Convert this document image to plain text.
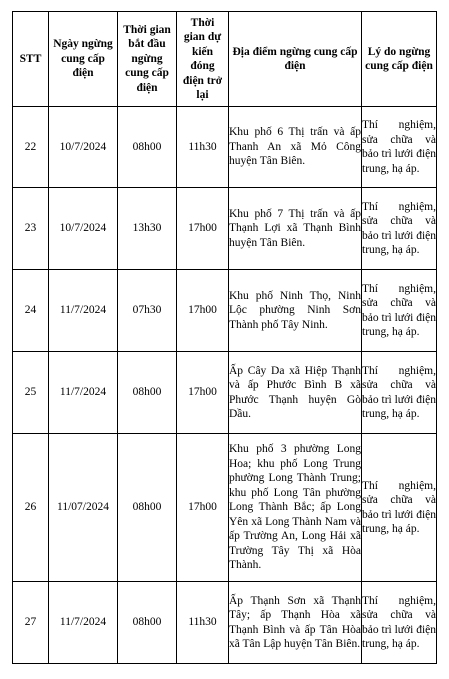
STT	Ngày ngừng cung cấp điện	Thời gian bắt đầu ngừng cung cấp điện	Thời gian dự kiến đóng điện trở lại	Địa điểm ngừng cung cấp điện	Lý do ngừng cung cấp điện

22	10/7/2024	08h00	11h30	Khu phố 6 Thị trấn và ấp Thanh An xã Mỏ Công huyện Tân Biên.	Thí nghiệm, sửa chữa và bảo trì lưới điện trung, hạ áp.
23	10/7/2024	13h30	17h00	Khu phố 7 Thị trấn và ấp Thạnh Lợi xã Thạnh Bình huyện Tân Biên.	Thí nghiệm, sửa chữa và bảo trì lưới điện trung, hạ áp.
24	11/7/2024	07h30	17h00	Khu phố Ninh Thọ, Ninh Lộc phường Ninh Sơn Thành phố Tây Ninh.	Thí nghiệm, sửa chữa và bảo trì lưới điện trung, hạ áp.
25	11/7/2024	08h00	17h00	Ấp Cây Da xã Hiệp Thạnh và ấp Phước Bình B xã Phước Thạnh huyện Gò Dầu.	Thí nghiệm, sửa chữa và bảo trì lưới điện trung, hạ áp.
26	11/07/2024	08h00	17h00	Khu phố 3 phường Long Hoa; khu phố Long Trung phường Long Thành Trung; khu phố Long Tân phường Long Thành Bắc; ấp Long Yên xã Long Thành Nam và ấp Trường An, Long Hải xã Trường Tây Thị xã Hòa Thành.	Thí nghiệm, sửa chữa và bảo trì lưới điện trung, hạ áp.
27	11/7/2024	08h00	11h30	Ấp Thạnh Sơn xã Thạnh Tây; ấp Thạnh Hòa xã Thạnh Bình và ấp Tân Hòa xã Tân Lập huyện Tân Biên.	Thí nghiệm, sửa chữa và bảo trì lưới điện trung, hạ áp.
